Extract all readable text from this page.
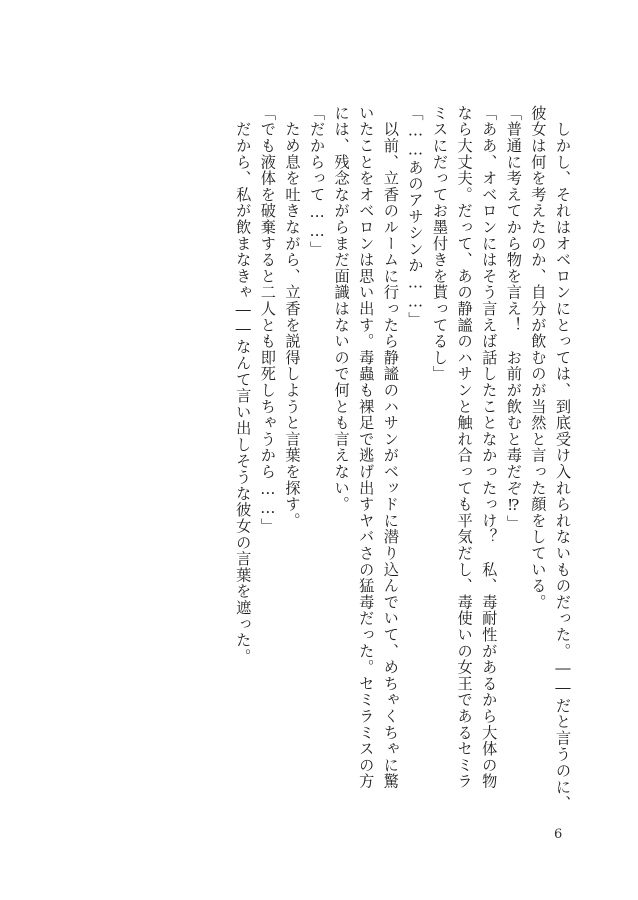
　しかし、それはオベロンにとっては、到底受け入れられないものだった。――だと言うのに、
彼女は何を考えたのか、自分が飲むのが当然と言った顔をしている。
「普通に考えてから物を言え！　お前が飲むと毒だぞ⁉」
「ああ、オベロンにはそう言えば話したことなかったっけ？　私、毒耐性があるから大体の物
なら大丈夫。だって、あの静謐のハサンと触れ合っても平気だし、毒使いの女王であるセミラ
ミスにだってお墨付きを貰ってるし」
「……あのアサシンか……」
　以前、立香のルームに行ったら静謐のハサンがベッドに潜り込んでいて、めちゃくちゃに驚
いたことをオベロンは思い出す。毒蟲も裸足で逃げ出すヤバさの猛毒だった。セミラミスの方
には、残念ながらまだ面識はないので何とも言えない。
「だからって……」
　ため息を吐きながら、立香を説得しようと言葉を探す。
「でも液体を破棄すると二人とも即死しちゃうから……」
　だから、私が飲まなきゃ――なんて言い出しそうな彼女の言葉を遮った。
6
